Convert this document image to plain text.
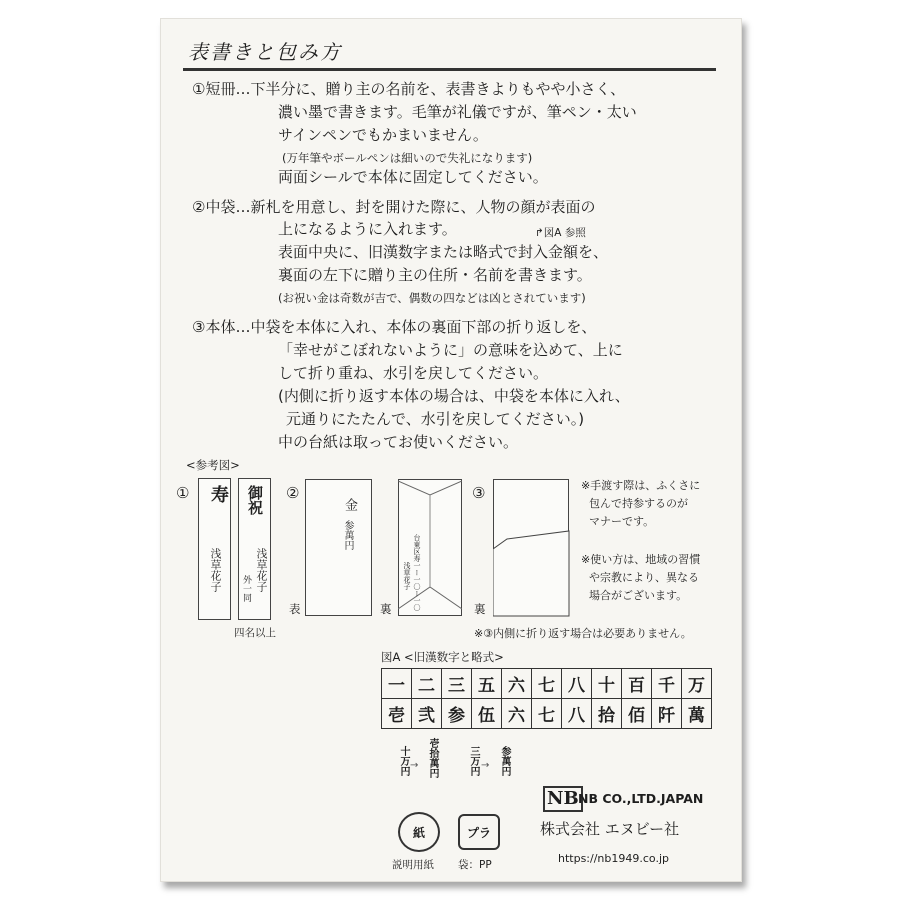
表書きと包み方
①短冊…下半分に、贈り主の名前を、表書きよりもやや小さく、
濃い墨で書きます。毛筆が礼儀ですが、筆ペン・太い
サインペンでもかまいません。
(万年筆やボールペンは細いので失礼になります)
両面シールで本体に固定してください。
②中袋…新札を用意し、封を開けた際に、人物の顔が表面の
上になるように入れます。	↱図A 参照
表面中央に、旧漢数字または略式で封入金額を、
裏面の左下に贈り主の住所・名前を書きます。
(お祝い金は奇数が吉で、偶数の四などは凶とされています)
③本体…中袋を本体に入れ、本体の裏面下部の折り返しを、
「幸せがこぼれないように」の意味を込めて、上に
して折り重ね、水引を戻してください。
(内側に折り返す本体の場合は、中袋を本体に入れ、
元通りにたたんで、水引を戻してください。)
中の台紙は取ってお使いください。
<参考図>
① 寿
浅草花子
御祝
浅草花子
外一同
四名以上
②
表
金
参萬円
裏	台東区寿一ー一〇ー一〇
浅草花子
③
裏
※手渡す際は、ふくさに
包んで持参するのが
マナーです。
※使い方は、地域の習慣
や宗教により、異なる
場合がございます。
※③内側に折り返す場合は必要ありません。
図A <旧漢数字と略式>
一	二	三	五	六	七	八	十	百	千	万
壱	弐	参	伍	六	七	八	拾	佰	阡	萬
十万円 → 壱拾萬円	三万円 → 参萬円
紙
説明用紙
プラ
袋：PP
NB NB CO.,LTD.JAPAN
株式会社 エヌビー社
https://nb1949.co.jp
